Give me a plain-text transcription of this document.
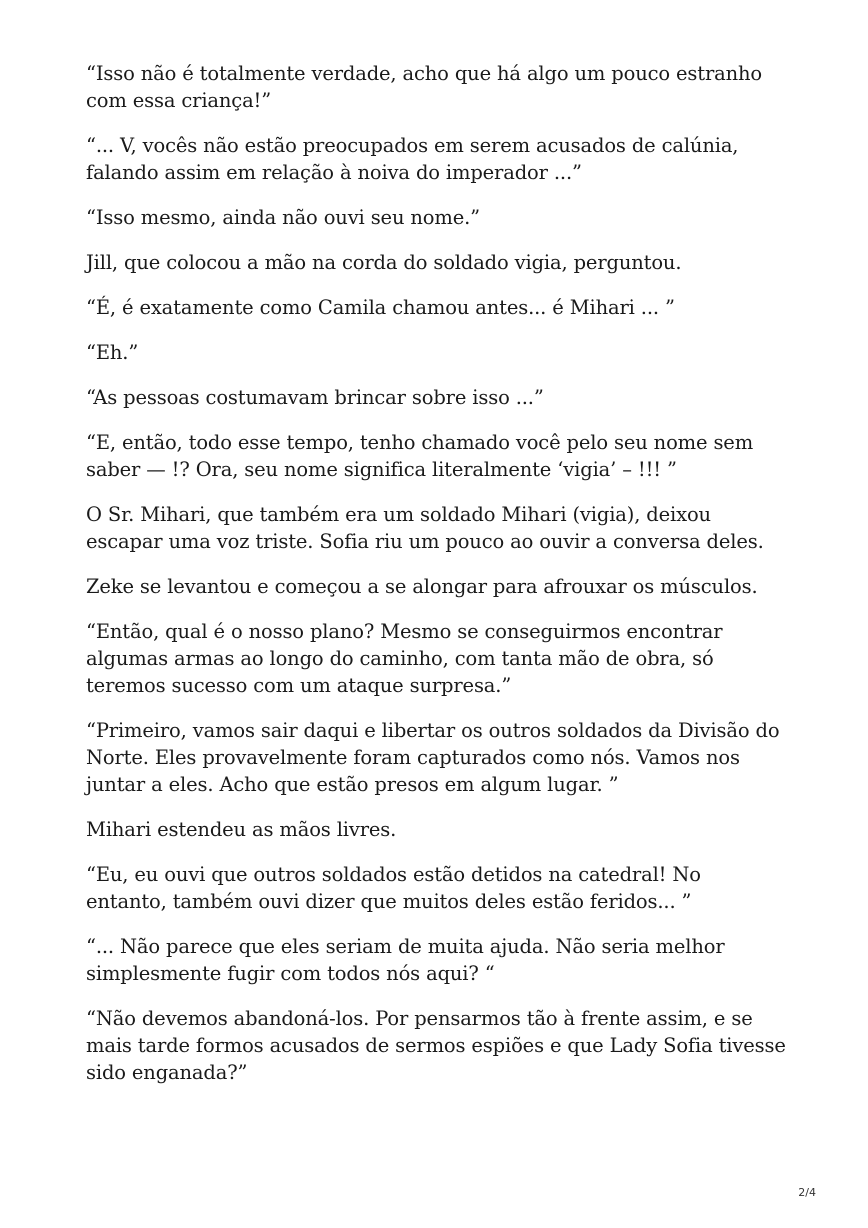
“Isso não é totalmente verdade, acho que há algo um pouco estranho com essa criança!”

“... V, vocês não estão preocupados em serem acusados de calúnia, falando assim em relação à noiva do imperador ...”

“Isso mesmo, ainda não ouvi seu nome.”

Jill, que colocou a mão na corda do soldado vigia, perguntou.

“É, é exatamente como Camila chamou antes... é Mihari ... ”

“Eh.”

“As pessoas costumavam brincar sobre isso ...”

“E, então, todo esse tempo, tenho chamado você pelo seu nome sem saber — !? Ora, seu nome significa literalmente ‘vigia’ – !!! ”

O Sr. Mihari, que também era um soldado Mihari (vigia), deixou escapar uma voz triste. Sofia riu um pouco ao ouvir a conversa deles.

Zeke se levantou e começou a se alongar para afrouxar os músculos.

“Então, qual é o nosso plano? Mesmo se conseguirmos encontrar algumas armas ao longo do caminho, com tanta mão de obra, só teremos sucesso com um ataque surpresa.”

“Primeiro, vamos sair daqui e libertar os outros soldados da Divisão do Norte. Eles provavelmente foram capturados como nós. Vamos nos juntar a eles. Acho que estão presos em algum lugar. ”

Mihari estendeu as mãos livres.

“Eu, eu ouvi que outros soldados estão detidos na catedral! No entanto, também ouvi dizer que muitos deles estão feridos... ”

“... Não parece que eles seriam de muita ajuda. Não seria melhor simplesmente fugir com todos nós aqui? “

“Não devemos abandoná-los. Por pensarmos tão à frente assim, e se mais tarde formos acusados de sermos espiões e que Lady Sofia tivesse sido enganada?”

2/4
